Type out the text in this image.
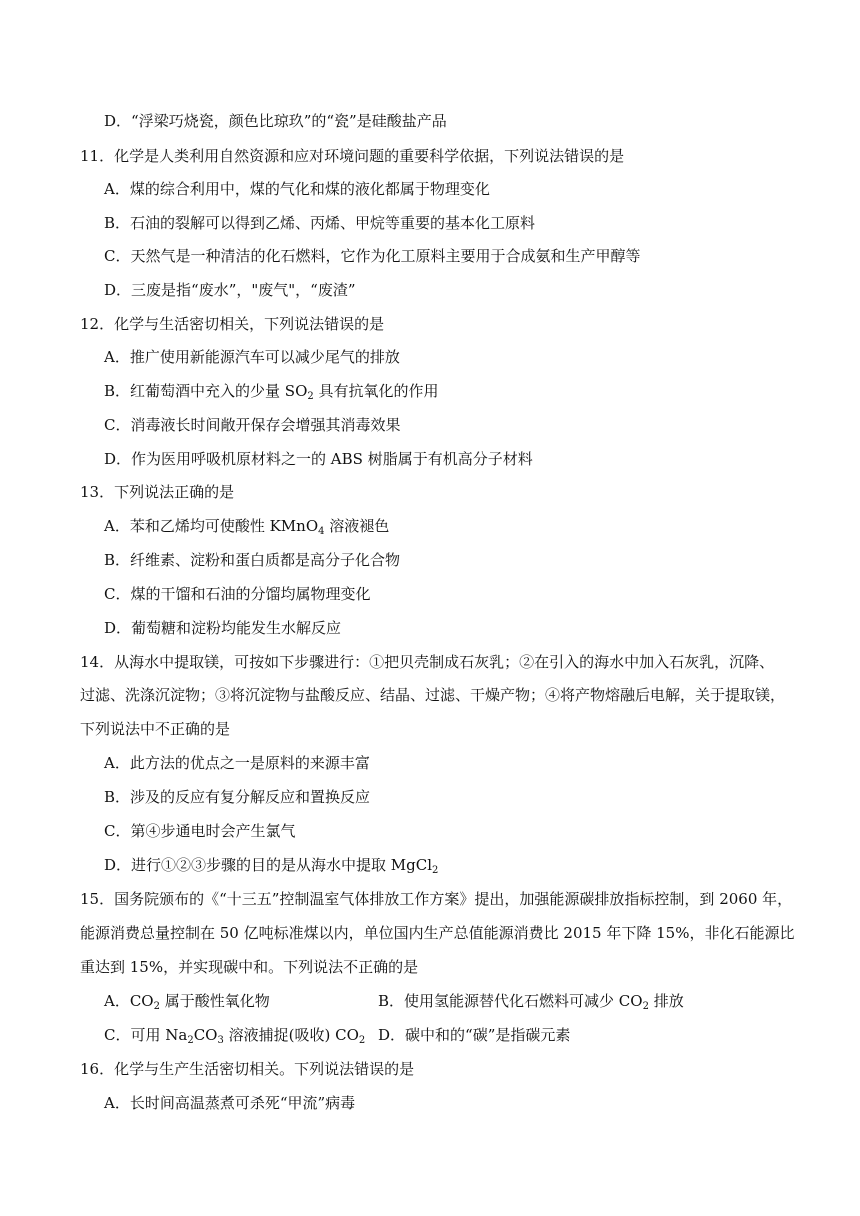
D．“浮梁巧烧瓷，颜色比琼玖”的“瓷”是硅酸盐产品
11．化学是人类利用自然资源和应对环境问题的重要科学依据，下列说法错误的是
A．煤的综合利用中，煤的气化和煤的液化都属于物理变化
B．石油的裂解可以得到乙烯、丙烯、甲烷等重要的基本化工原料
C．天然气是一种清洁的化石燃料，它作为化工原料主要用于合成氨和生产甲醇等
D．三废是指“废水”，"废气"，“废渣”
12．化学与生活密切相关，下列说法错误的是
A．推广使用新能源汽车可以减少尾气的排放
B．红葡萄酒中充入的少量 $SO_2$ 具有抗氧化的作用
C．消毒液长时间敞开保存会增强其消毒效果
D．作为医用呼吸机原材料之一的 ABS 树脂属于有机高分子材料
13．下列说法正确的是
A．苯和乙烯均可使酸性 KMnO$_4$ 溶液褪色
B．纤维素、淀粉和蛋白质都是高分子化合物
C．煤的干馏和石油的分馏均属物理变化
D．葡萄糖和淀粉均能发生水解反应
14．从海水中提取镁，可按如下步骤进行：①把贝壳制成石灰乳；②在引入的海水中加入石灰乳，沉降、
过滤、洗涤沉淀物；③将沉淀物与盐酸反应、结晶、过滤、干燥产物；④将产物熔融后电解，关于提取镁，
下列说法中不正确的是
A．此方法的优点之一是原料的来源丰富
B．涉及的反应有复分解反应和置换反应
C．第④步通电时会产生氯气
D．进行①②③步骤的目的是从海水中提取 MgCl$_2$
15．国务院颁布的《“十三五”控制温室气体排放工作方案》提出，加强能源碳排放指标控制，到 2060 年，
能源消费总量控制在 50 亿吨标准煤以内，单位国内生产总值能源消费比 2015 年下降 15%，非化石能源比
重达到 15%，并实现碳中和。下列说法不正确的是
A．$CO_2$ 属于酸性氧化物	B．使用氢能源替代化石燃料可减少 $CO_2$ 排放
C．可用 $Na_2CO_3$ 溶液捕捉(吸收) $CO_2$ D．碳中和的“碳”是指碳元素
16．化学与生产生活密切相关。下列说法错误的是
A．长时间高温蒸煮可杀死“甲流”病毒
